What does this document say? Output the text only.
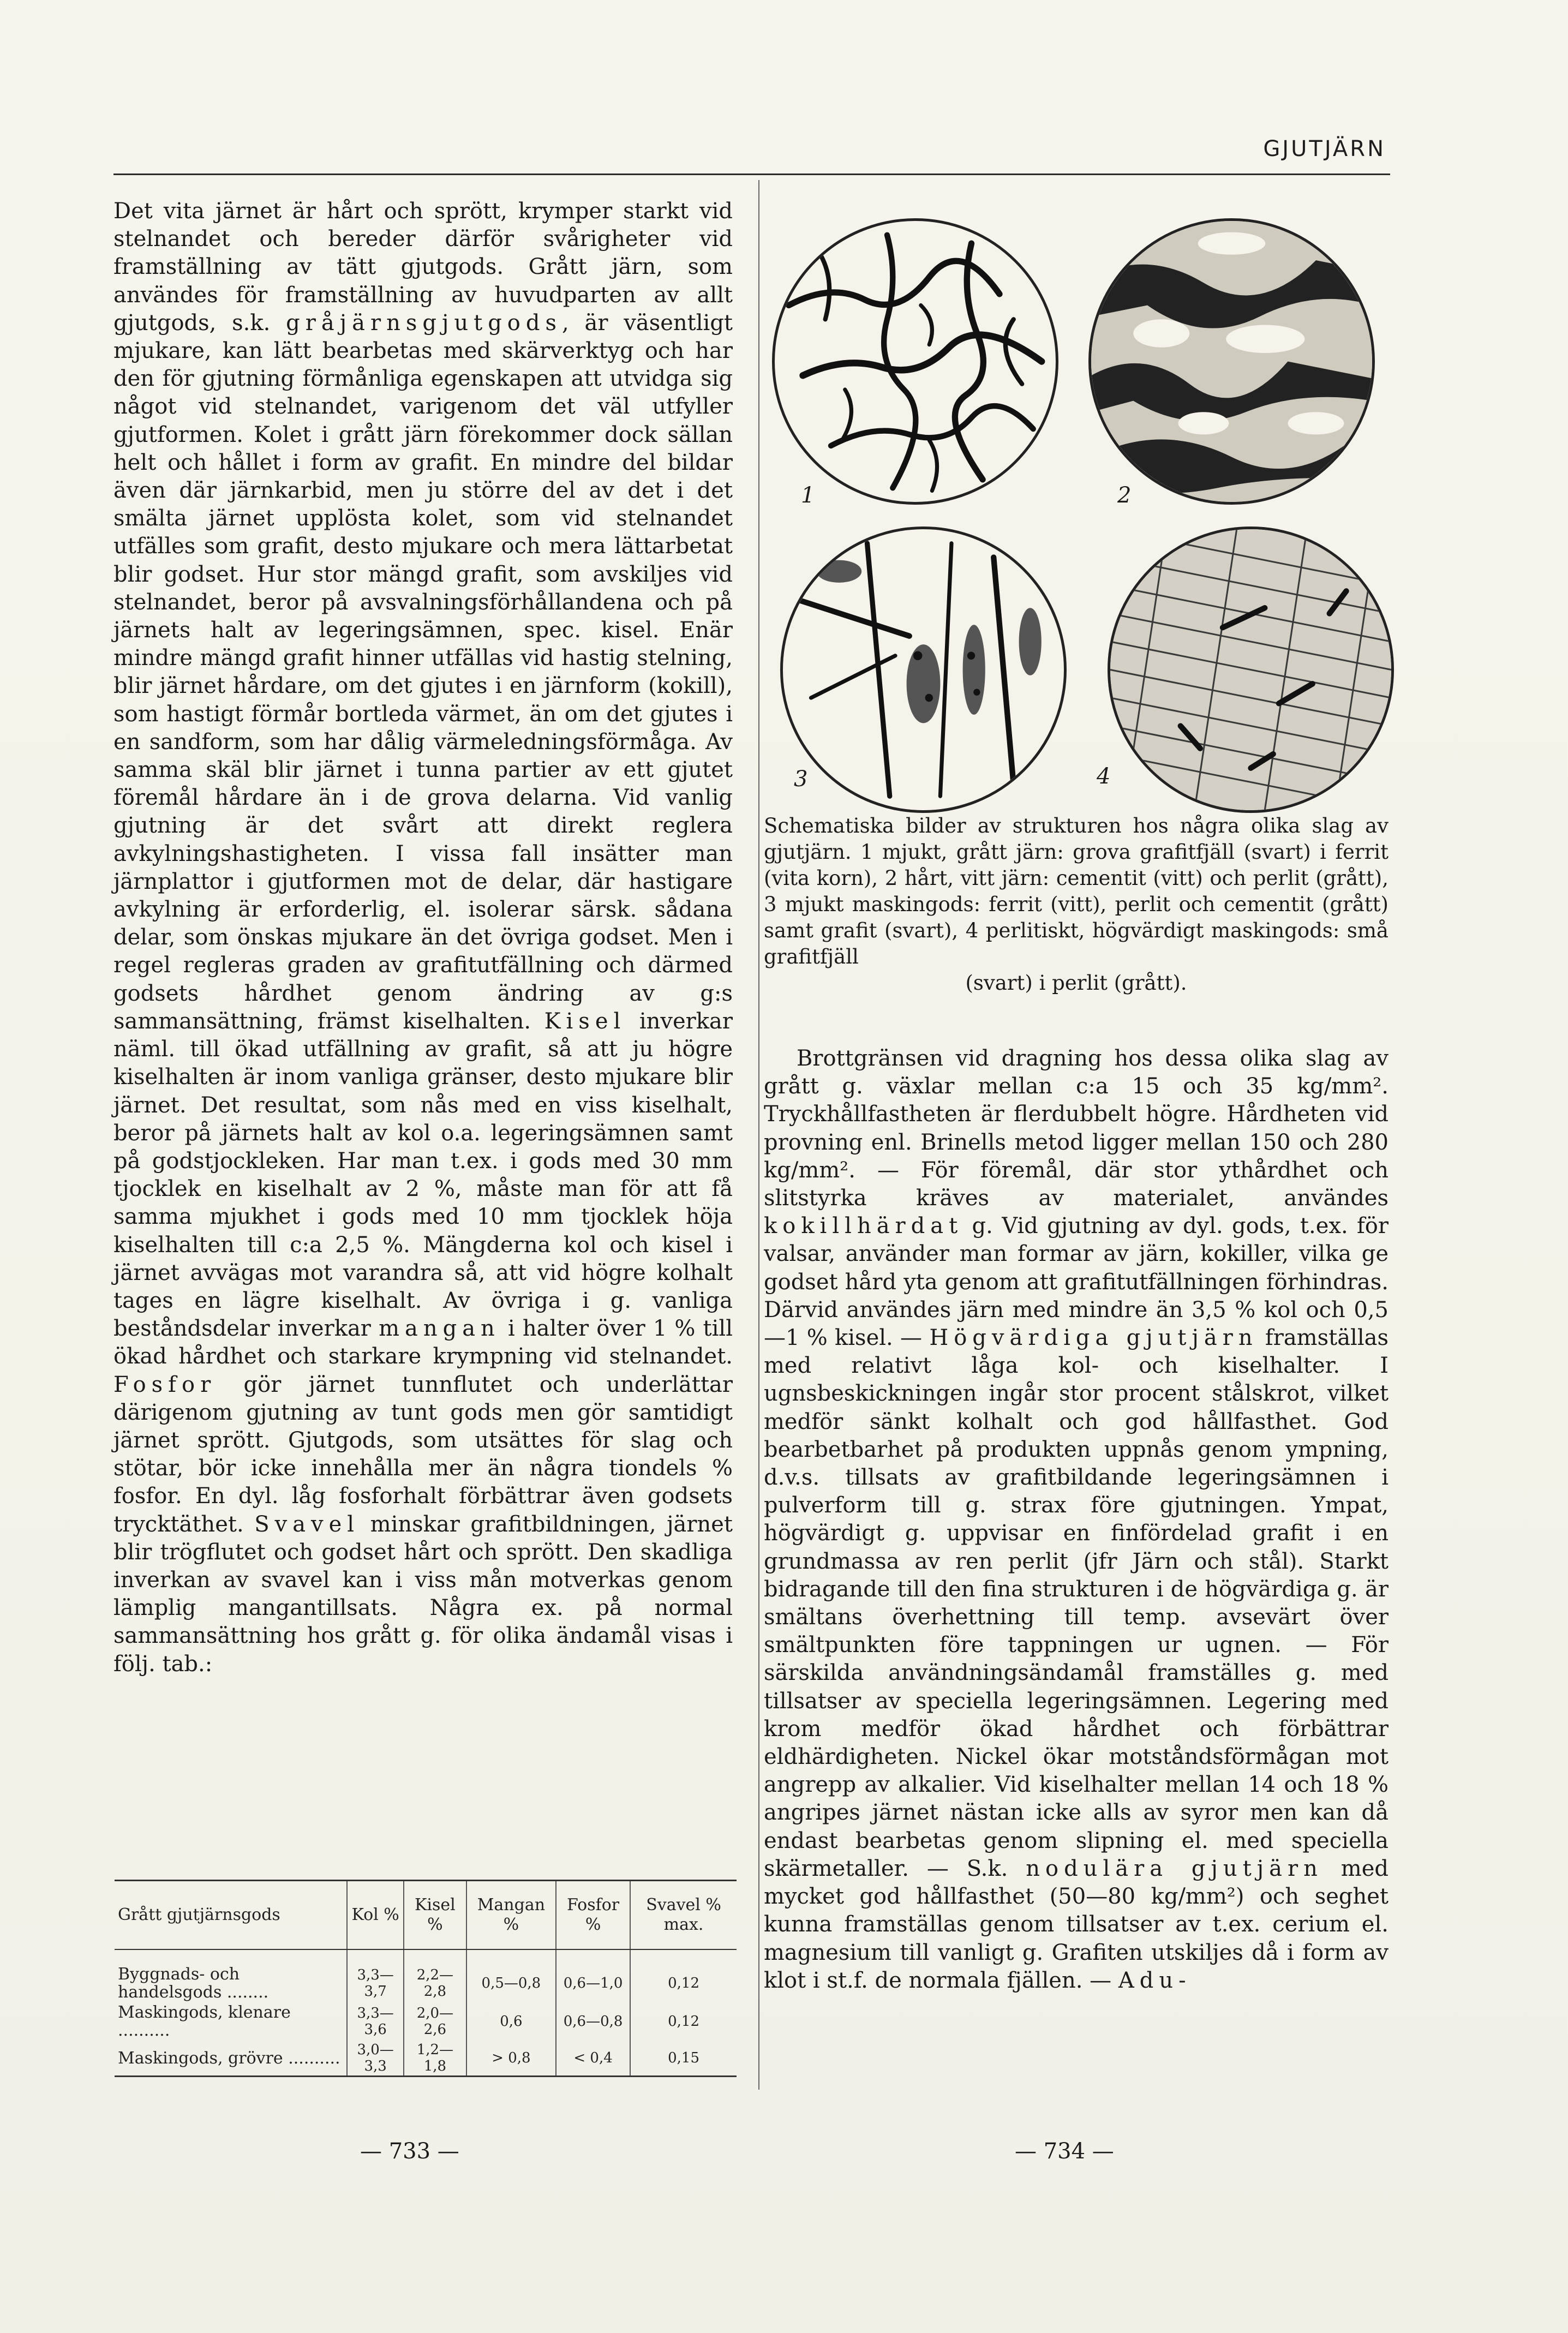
GJUTJÄRN

Det vita järnet är hårt och sprött, krymper starkt vid stelnandet och bereder därför svårigheter vid framställning av tätt gjutgods. Grått järn, som användes för framställning av huvudparten av allt gjutgods, s.k. gråjärnsgjutgods, är väsentligt mjukare, kan lätt bearbetas med skärverktyg och har den för gjutning förmånliga egenskapen att utvidga sig något vid stelnandet, varigenom det väl utfyller gjutformen. Kolet i grått järn förekommer dock sällan helt och hållet i form av grafit. En mindre del bildar även där järnkarbid, men ju större del av det i det smälta järnet upplösta kolet, som vid stelnandet utfälles som grafit, desto mjukare och mera lättarbetat blir godset. Hur stor mängd grafit, som avskiljes vid stelnandet, beror på avsvalningsförhållandena och på järnets halt av legeringsämnen, spec. kisel. Enär mindre mängd grafit hinner utfällas vid hastig stelning, blir järnet hårdare, om det gjutes i en järnform (kokill), som hastigt förmår bortleda värmet, än om det gjutes i en sandform, som har dålig värmeledningsförmåga. Av samma skäl blir järnet i tunna partier av ett gjutet föremål hårdare än i de grova delarna. Vid vanlig gjutning är det svårt att direkt reglera avkylningshastigheten. I vissa fall insätter man järnplattor i gjutformen mot de delar, där hastigare avkylning är erforderlig, el. isolerar särsk. sådana delar, som önskas mjukare än det övriga godset. Men i regel regleras graden av grafitutfällning och därmed godsets hårdhet genom ändring av g:s sammansättning, främst kiselhalten. Kisel inverkar näml. till ökad utfällning av grafit, så att ju högre kiselhalten är inom vanliga gränser, desto mjukare blir järnet. Det resultat, som nås med en viss kiselhalt, beror på järnets halt av kol o.a. legeringsämnen samt på godstjockleken. Har man t.ex. i gods med 30 mm tjocklek en kiselhalt av 2 %, måste man för att få samma mjukhet i gods med 10 mm tjocklek höja kiselhalten till c:a 2,5 %. Mängderna kol och kisel i järnet avvägas mot varandra så, att vid högre kolhalt tages en lägre kiselhalt. Av övriga i g. vanliga beståndsdelar inverkar mangan i halter över 1 % till ökad hårdhet och starkare krympning vid stelnandet. Fosfor gör järnet tunnflutet och underlättar därigenom gjutning av tunt gods men gör samtidigt järnet sprött. Gjutgods, som utsättes för slag och stötar, bör icke innehålla mer än några tiondels % fosfor. En dyl. låg fosforhalt förbättrar även godsets trycktäthet. Svavel minskar grafitbildningen, järnet blir trögflutet och godset hårt och sprött. Den skadliga inverkan av svavel kan i viss mån motverkas genom lämplig mangantillsats. Några ex. på normal sammansättning hos grått g. för olika ändamål visas i följ. tab.:

Grått gjutjärnsgods	Kol %	Kisel %	Mangan %	Fosfor %	Svavel % max.

Byggnads- och handelsgods ........	3,3—3,7	2,2—2,8	0,5—0,8	0,6—1,0	0,12
Maskingods, klenare ..........	3,3—3,6	2,0—2,6	0,6	0,6—0,8	0,12
Maskingods, grövre ..........	3,0—3,3	1,2—1,8	> 0,8	< 0,4	0,15
1	2
3	4
Schematiska bilder av strukturen hos några olika slag av gjutjärn. 1 mjukt, grått järn: grova grafitfjäll (svart) i ferrit (vita korn), 2 hårt, vitt järn: cementit (vitt) och perlit (grått), 3 mjukt maskingods: ferrit (vitt), perlit och cementit (grått) samt grafit (svart), 4 perlitiskt, högvärdigt maskingods: små grafitfjäll
(svart) i perlit (grått).

Brottgränsen vid dragning hos dessa olika slag av grått g. växlar mellan c:a 15 och 35 kg/mm². Tryckhållfastheten är flerdubbelt högre. Hårdheten vid provning enl. Brinells metod ligger mellan 150 och 280 kg/mm². — För föremål, där stor ythårdhet och slitstyrka kräves av materialet, användes kokillhärdat g. Vid gjutning av dyl. gods, t.ex. för valsar, använder man formar av järn, kokiller, vilka ge godset hård yta genom att grafitutfällningen förhindras. Därvid användes järn med mindre än 3,5 % kol och 0,5—1 % kisel. — Högvärdiga gjutjärn framställas med relativt låga kol- och kiselhalter. I ugnsbeskickningen ingår stor procent stålskrot, vilket medför sänkt kolhalt och god hållfasthet. God bearbetbarhet på produkten uppnås genom ympning, d.v.s. tillsats av grafitbildande legeringsämnen i pulverform till g. strax före gjutningen. Ympat, högvärdigt g. uppvisar en finfördelad grafit i en grundmassa av ren perlit (jfr Järn och stål). Starkt bidragande till den fina strukturen i de högvärdiga g. är smältans överhettning till temp. avsevärt över smältpunkten före tappningen ur ugnen. — För särskilda användningsändamål framställes g. med tillsatser av speciella legeringsämnen. Legering med krom medför ökad hårdhet och förbättrar eldhärdigheten. Nickel ökar motståndsförmågan mot angrepp av alkalier. Vid kiselhalter mellan 14 och 18 % angripes järnet nästan icke alls av syror men kan då endast bearbetas genom slipning el. med speciella skärmetaller. — S.k. nodulära gjutjärn med mycket god hållfasthet (50—80 kg/mm²) och seghet kunna framställas genom tillsatser av t.ex. cerium el. magnesium till vanligt g. Grafiten utskiljes då i form av klot i st.f. de normala fjällen. — Adu-

— 733 —	— 734 —
